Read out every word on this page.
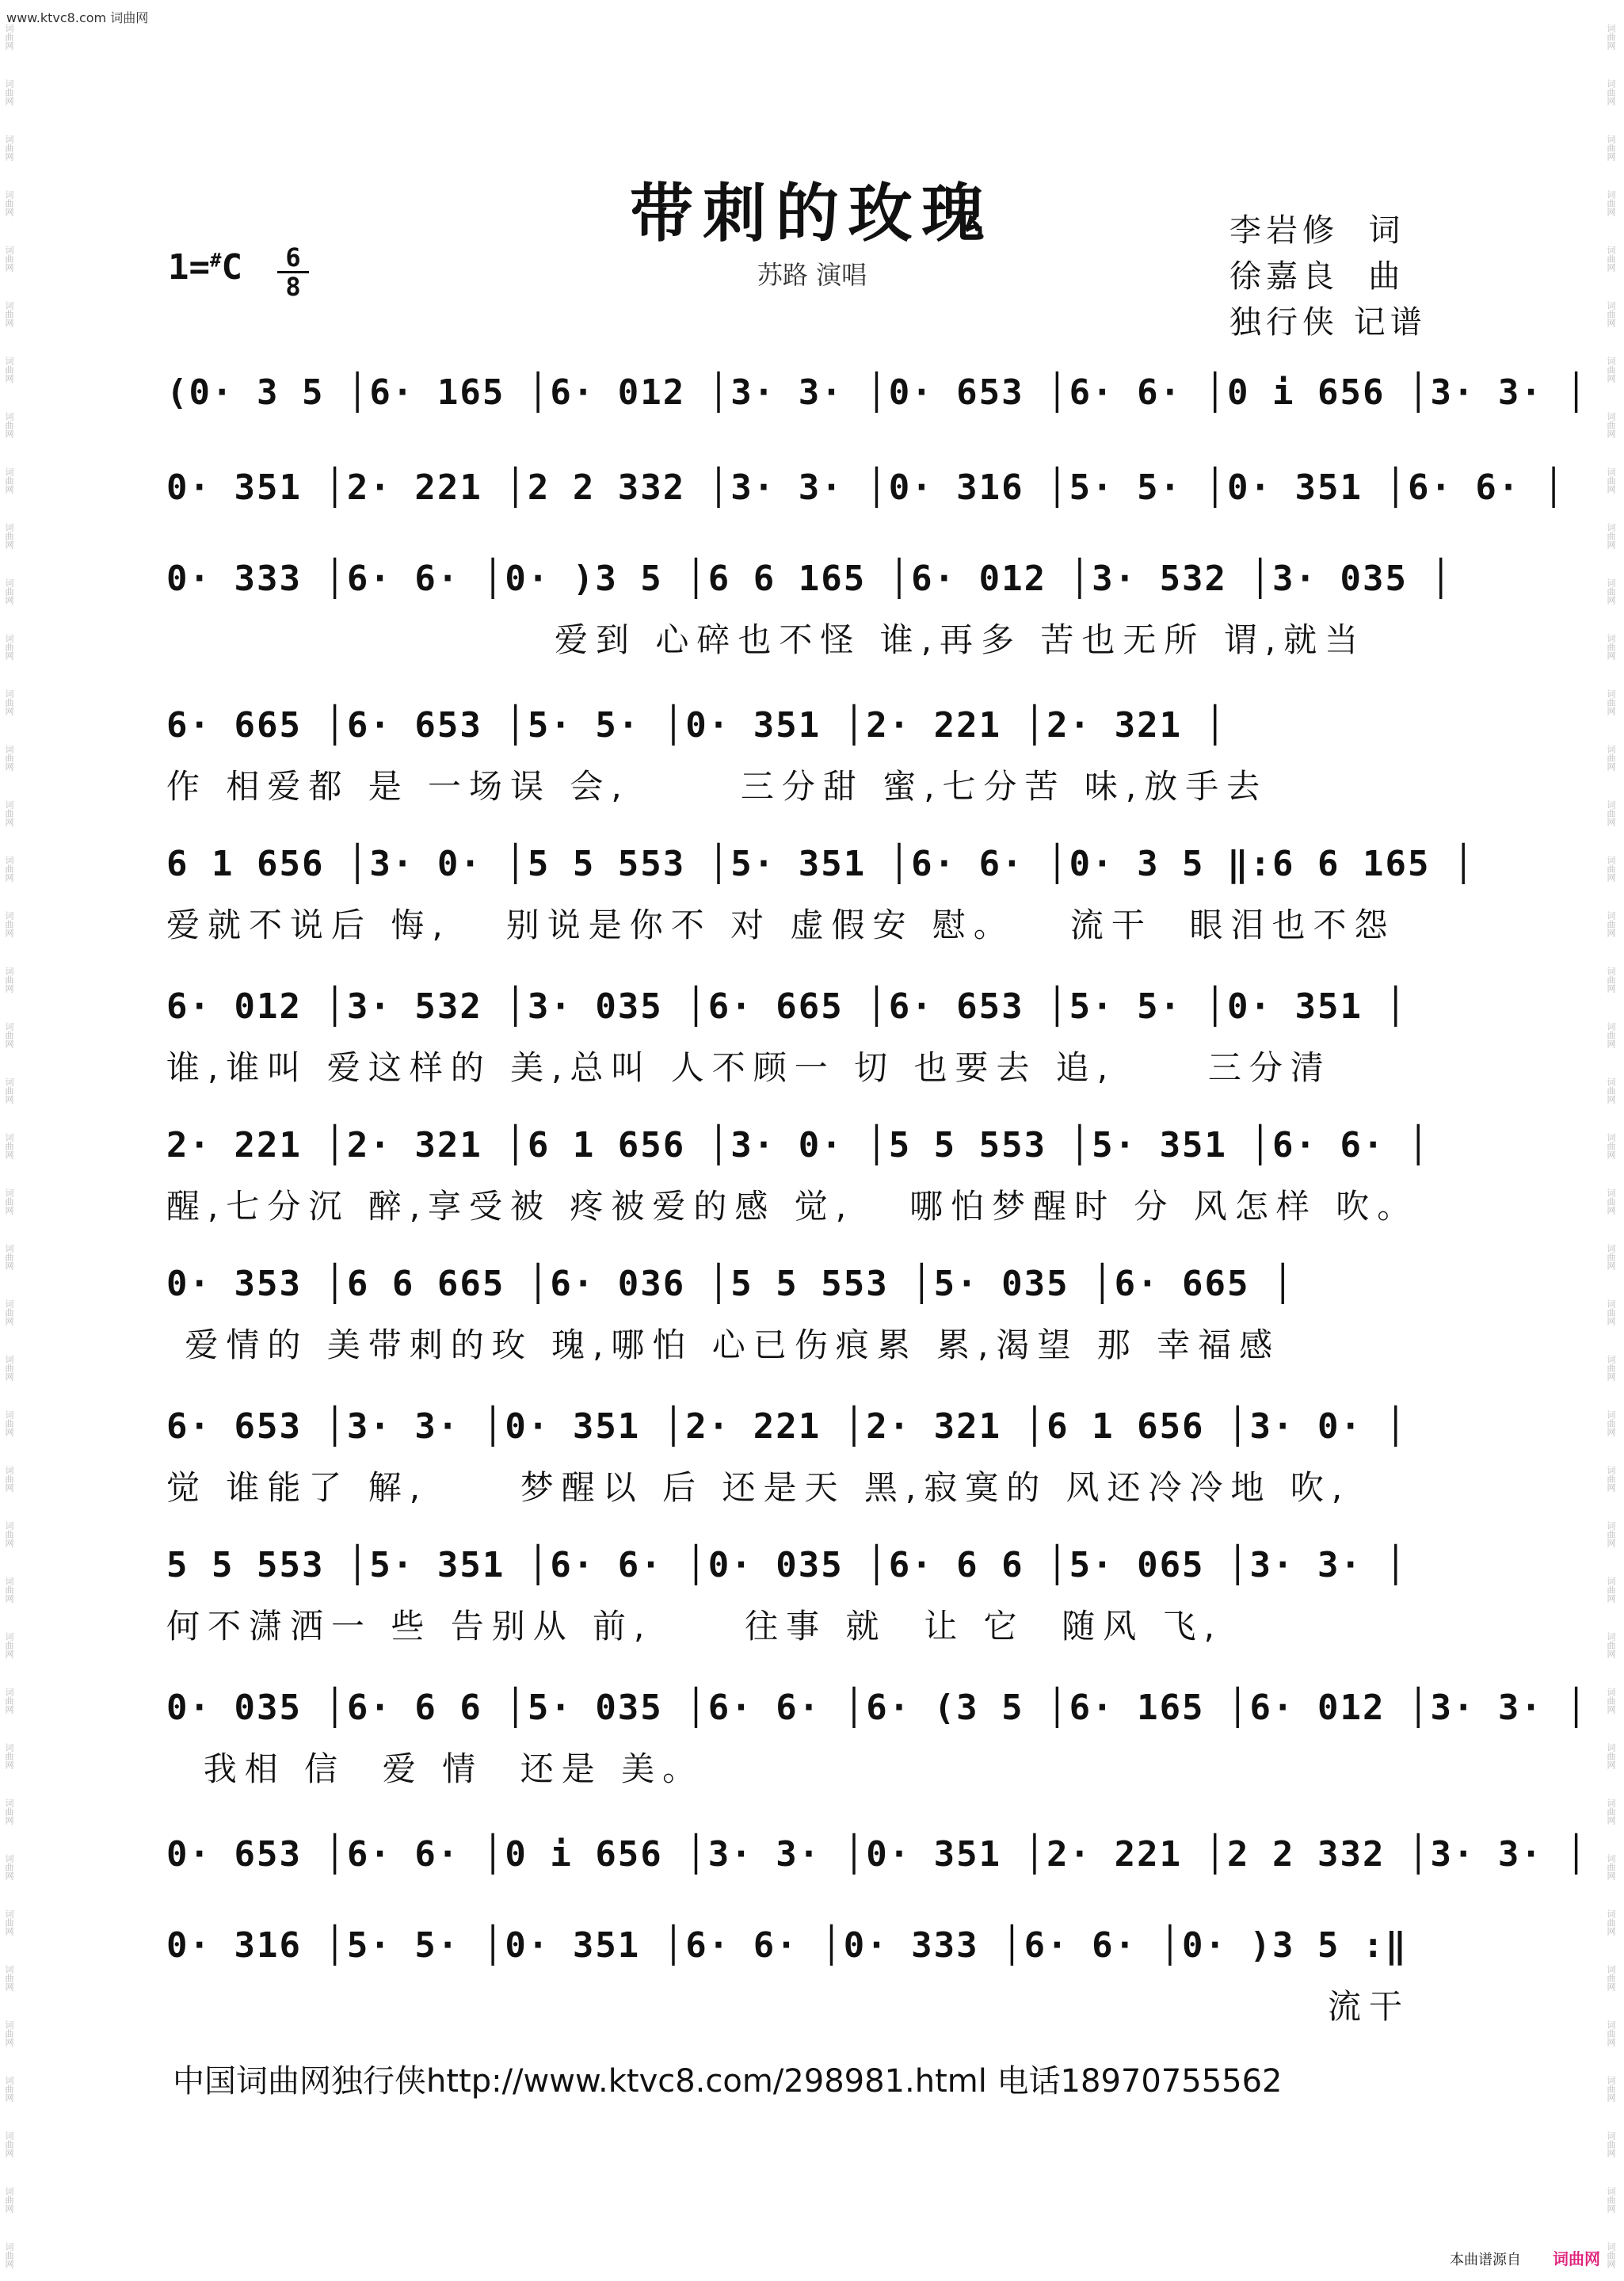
词曲网
词曲网
词曲网
词曲网
词曲网
词曲网
词曲网
词曲网
词曲网
词曲网
词曲网
词曲网
词曲网
词曲网
词曲网
词曲网
词曲网
词曲网
词曲网
词曲网
词曲网
词曲网
词曲网
词曲网
词曲网
词曲网
词曲网
词曲网
词曲网
词曲网
词曲网
词曲网
词曲网
词曲网
词曲网
词曲网
词曲网
词曲网
词曲网
词曲网
词曲网
词曲网
词曲网
词曲网
词曲网
词曲网
词曲网
词曲网
词曲网
词曲网
词曲网
词曲网
词曲网
词曲网
词曲网
词曲网
词曲网
词曲网
词曲网
词曲网
词曲网
词曲网
词曲网
词曲网
词曲网
词曲网
词曲网
词曲网
词曲网
词曲网
词曲网
词曲网
词曲网
词曲网
词曲网
词曲网
词曲网
词曲网
词曲网
词曲网
词曲网
词曲网
www.ktvc8.com 词曲网
带刺的玫瑰
苏路 演唱
1=#C	6
8
李岩修  词
徐嘉良  曲
独行侠 记谱
(0· 3 5 │6· 165 │6· 012 │3· 3· │0· 653 │6· 6· │0 i 656 │3· 3· │
0· 351 │2· 221 │2 2 332 │3· 3· │0· 316 │5· 5· │0· 351 │6· 6· │
0· 333 │6· 6· │0· )3 5 │6 6 165 │6· 012 │3· 532 │3· 035 │
爱到 心碎也不怪 谁,再多 苦也无所 谓,就当
6· 665 │6· 653 │5· 5· │0· 351 │2· 221 │2· 321 │
作 相爱都 是 一场误 会,      三分甜 蜜,七分苦 味,放手去
6 1 656 │3· 0· │5 5 553 │5· 351 │6· 6· │0· 3 5 ‖:6 6 165 │
爱就不说后 悔,   别说是你不 对 虚假安 慰。   流干  眼泪也不怨
6· 012 │3· 532 │3· 035 │6· 665 │6· 653 │5· 5· │0· 351 │
谁,谁叫 爱这样的 美,总叫 人不顾一 切 也要去 追,     三分清
2· 221 │2· 321 │6 1 656 │3· 0· │5 5 553 │5· 351 │6· 6· │
醒,七分沉 醉,享受被 疼被爱的感 觉,   哪怕梦醒时 分 风怎样 吹。
0· 353 │6 6 665 │6· 036 │5 5 553 │5· 035 │6· 665 │
爱情的 美带刺的玫 瑰,哪怕 心已伤痕累 累,渴望 那 幸福感
6· 653 │3· 3· │0· 351 │2· 221 │2· 321 │6 1 656 │3· 0· │
觉 谁能了 解,     梦醒以 后 还是天 黑,寂寞的 风还冷冷地 吹,
5 5 553 │5· 351 │6· 6· │0· 035 │6· 6 6 │5· 065 │3· 3· │
何不潇洒一 些 告别从 前,     往事 就  让 它  随风 飞,
0· 035 │6· 6 6 │5· 035 │6· 6· │6· (3 5 │6· 165 │6· 012 │3· 3· │
我相 信  爱 情  还是 美。
0· 653 │6· 6· │0 i 656 │3· 3· │0· 351 │2· 221 │2 2 332 │3· 3· │
0· 316 │5· 5· │0· 351 │6· 6· │0· 333 │6· 6· │0· )3 5 :‖
流干
中国词曲网独行侠http://www.ktvc8.com/298981.html 电话18970755562
本曲谱源自 词曲网
